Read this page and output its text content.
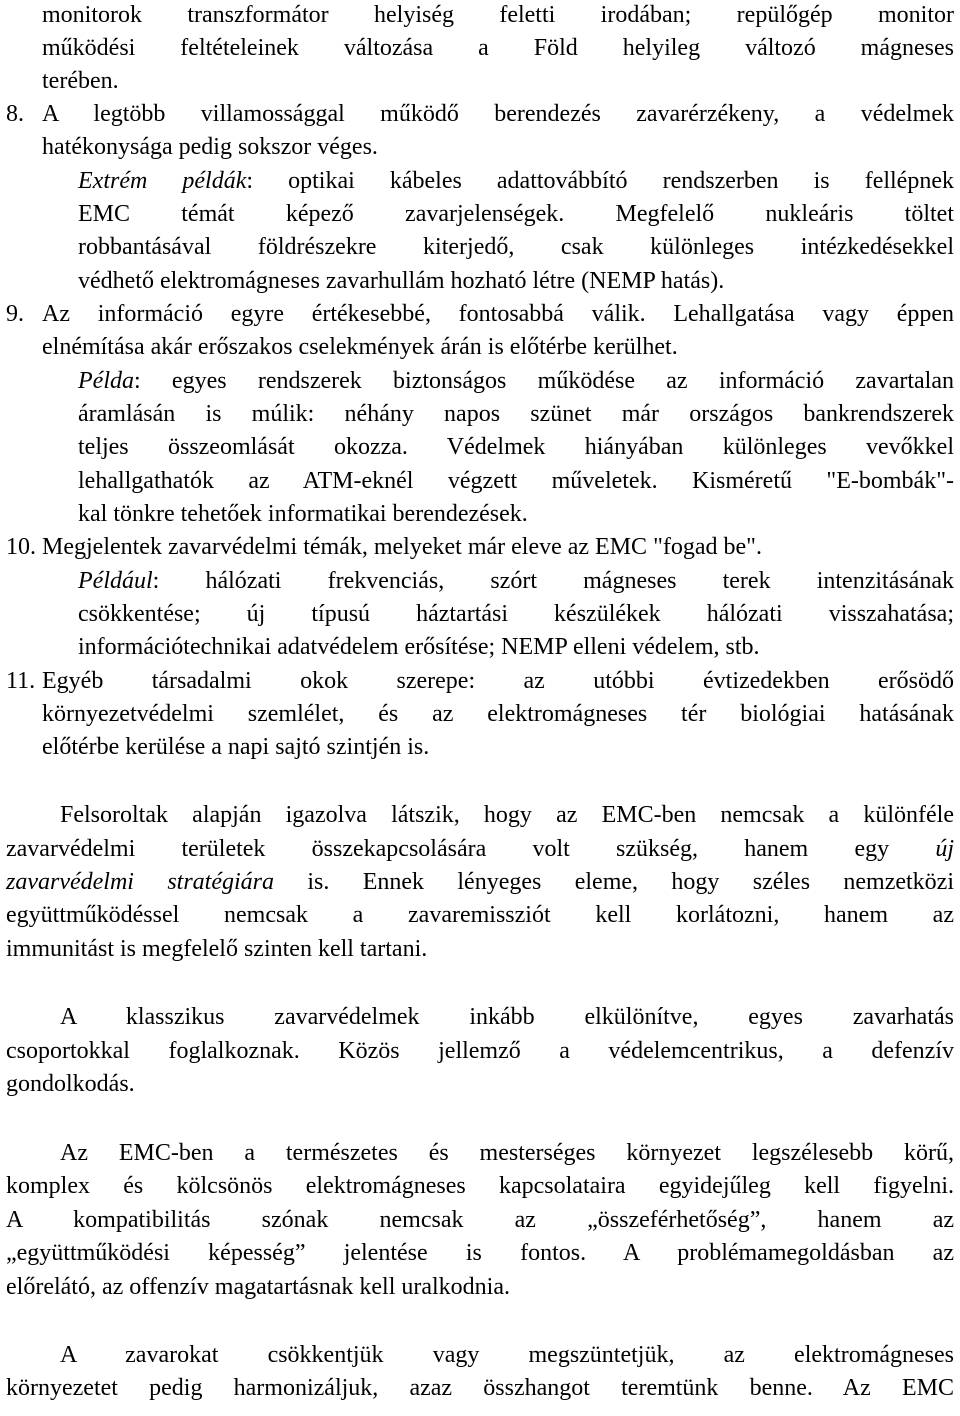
monitorok transzformátor helyiség feletti irodában; repülőgép monitor
működési feltételeinek változása a Föld helyileg változó mágneses
terében.
8. A legtöbb villamossággal működő berendezés zavarérzékeny, a védelmek
hatékonysága pedig sokszor véges.
Extrém példák: optikai kábeles adattovábbító rendszerben is fellépnek
EMC témát képező zavarjelenségek. Megfelelő nukleáris töltet
robbantásával földrészekre kiterjedő, csak különleges intézkedésekkel
védhető elektromágneses zavarhullám hozható létre (NEMP hatás).
9. Az információ egyre értékesebbé, fontosabbá válik. Lehallgatása vagy éppen
elnémítása akár erőszakos cselekmények árán is előtérbe kerülhet.
Példa: egyes rendszerek biztonságos működése az információ zavartalan
áramlásán is múlik: néhány napos szünet már országos bankrendszerek
teljes összeomlását okozza. Védelmek hiányában különleges vevőkkel
lehallgathatók az ATM-eknél végzett műveletek. Kisméretű "E-bombák"-
kal tönkre tehetőek informatikai berendezések.
10. Megjelentek zavarvédelmi témák, melyeket már eleve az EMC "fogad be".
Például: hálózati frekvenciás, szórt mágneses terek intenzitásának
csökkentése; új típusú háztartási készülékek hálózati visszahatása;
információtechnikai adatvédelem erősítése; NEMP elleni védelem, stb.
11. Egyéb társadalmi okok szerepe: az utóbbi évtizedekben erősödő
környezetvédelmi szemlélet, és az elektromágneses tér biológiai hatásának
előtérbe kerülése a napi sajtó szintjén is.
Felsoroltak alapján igazolva látszik, hogy az EMC-ben nemcsak a különféle
zavarvédelmi területek összekapcsolására volt szükség, hanem egy új
zavarvédelmi stratégiára is. Ennek lényeges eleme, hogy széles nemzetközi
együttműködéssel nemcsak a zavaremissziót kell korlátozni, hanem az
immunitást is megfelelő szinten kell tartani.
A klasszikus zavarvédelmek inkább elkülönítve, egyes zavarhatás
csoportokkal foglalkoznak. Közös jellemző a védelemcentrikus, a defenzív
gondolkodás.
Az EMC-ben a természetes és mesterséges környezet legszélesebb körű,
komplex és kölcsönös elektromágneses kapcsolataira egyidejűleg kell figyelni.
A kompatibilitás szónak nemcsak az „összeférhetőség”, hanem az
„együttműködési képesség” jelentése is fontos. A problémamegoldásban az
előrelátó, az offenzív magatartásnak kell uralkodnia.
A zavarokat csökkentjük vagy megszüntetjük, az elektromágneses
környezetet pedig harmonizáljuk, azaz összhangot teremtünk benne. Az EMC
